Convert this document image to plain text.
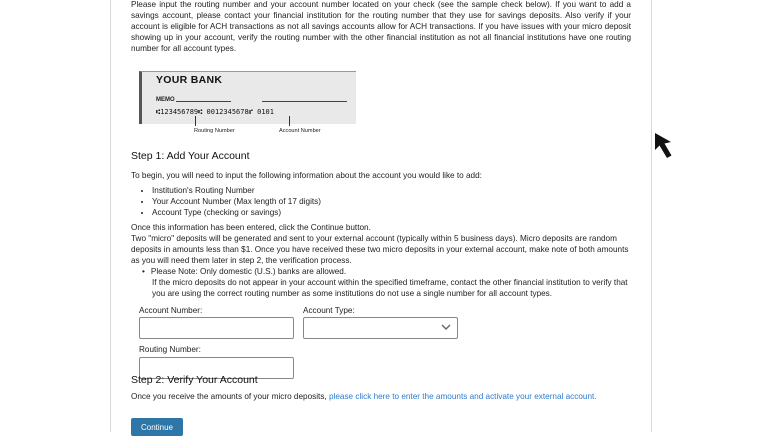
Please input the routing number and your account number located on your check (see the sample check below). If you want to add a savings account, please contact your financial institution for the routing number that they use for savings deposits. Also verify if your account is eligible for ACH transactions as not all savings accounts allow for ACH transactions. If you have issues with your micro deposit showing up in your account, verify the routing number with the other financial institution as not all financial institutions have one routing number for all account types.

YOUR BANK
MEMO
⑆123456789⑆ 0012345678⑈ 0101
Routing Number	Account Number
Step 1: Add Your Account

To begin, you will need to input the following information about the account you would like to add:

• Institution's Routing Number
• Your Account Number (Max length of 17 digits)
• Account Type (checking or savings)

Once this information has been entered, click the Continue button.

Two "micro" deposits will be generated and sent to your external account (typically within 5 business days). Micro deposits are random deposits in amounts less than $1. Once you have received these two micro deposits in your external account, make note of both amounts as you will need them later in step 2, the verification process.

• Please Note: Only domestic (U.S.) banks are allowed.
If the micro deposits do not appear in your account within the specified timeframe, contact the other financial institution to verify that you are using the correct routing number as some institutions do not use a single number for all account types.
Account Number:	Account Type:
Routing Number:
Step 2: Verify Your Account

Once you receive the amounts of your micro deposits, please click here to enter the amounts and activate your external account.

Continue
